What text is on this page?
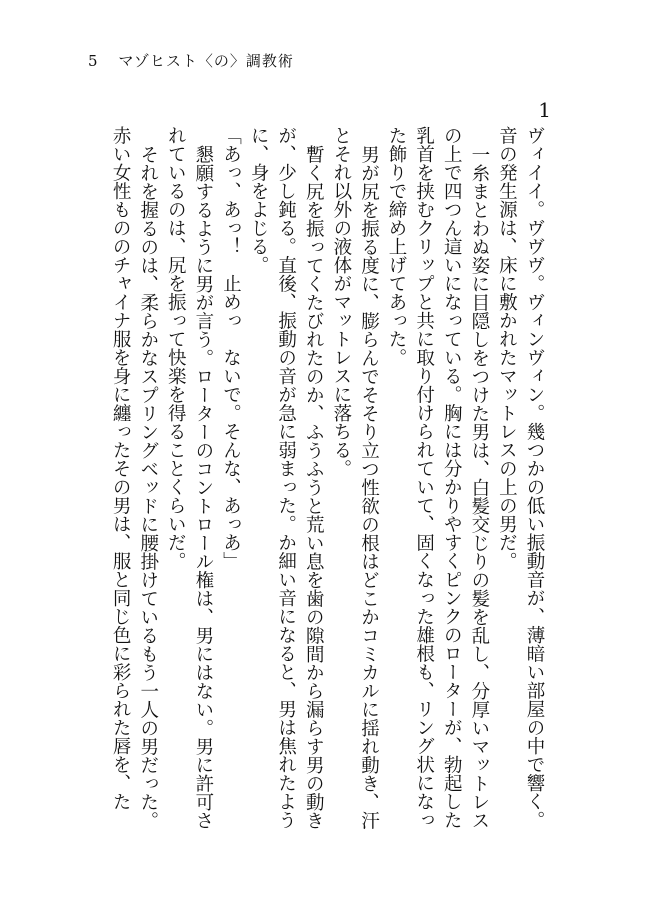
5 マゾヒスト〈の〉調教術
1

ヴィイイ。ヴヴヴ。ヴィンヴィン。幾つかの低い振動音が、薄暗い部屋の中で響く。音の発生源は、床に敷かれたマットレスの上の男だ。

一糸まとわぬ姿に目隠しをつけた男は、白髪交じりの髪を乱し、分厚いマットレスの上で四つん這いになっている。胸には分かりやすくピンクのローターが、勃起した乳首を挟むクリップと共に取り付けられていて、固くなった雄根も、リング状になった飾りで締め上げてあった。

男が尻を振る度に、膨らんでそそり立つ性欲の根はどこかコミカルに揺れ動き、汗とそれ以外の液体がマットレスに落ちる。

暫く尻を振ってくたびれたのか、ふうふうと荒い息を歯の隙間から漏らす男の動きが、少し鈍る。直後、振動の音が急に弱まった。か細い音になると、男は焦れたように、身をよじる。

「あっ、あっ！　止めっ　ないで。そんな、あっあ」

懇願するように男が言う。ローターのコントロール権は、男にはない。男に許可されているのは、尻を振って快楽を得ることくらいだ。

それを握るのは、柔らかなスプリングベッドに腰掛けているもう一人の男だった。赤い女性もののチャイナ服を身に纏ったその男は、服と同じ色に彩られた唇を、た
